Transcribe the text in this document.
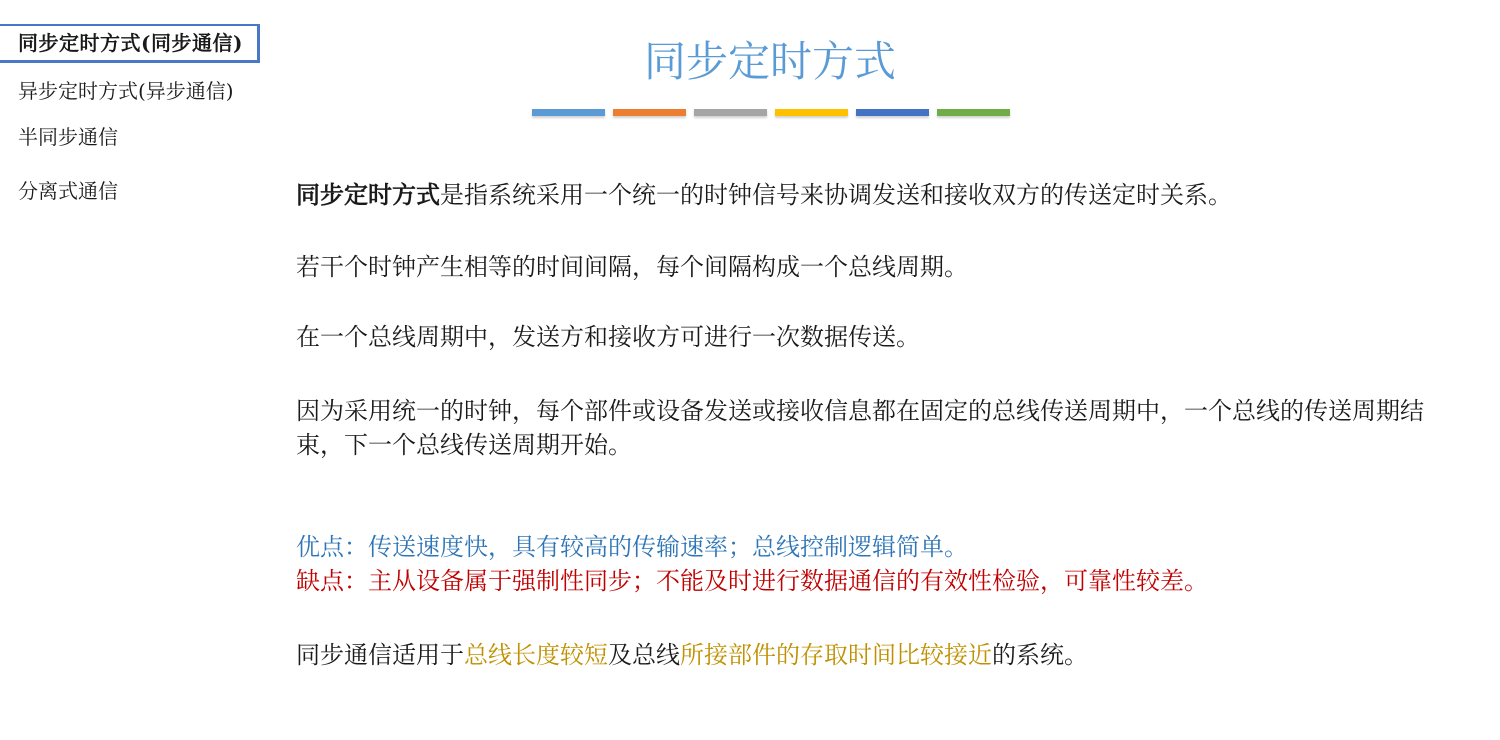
同步定时方式(同步通信)
异步定时方式(异步通信)
半同步通信
分离式通信
同步定时方式
同步定时方式是指系统采用一个统一的时钟信号来协调发送和接收双方的传送定时关系。
若干个时钟产生相等的时间间隔，每个间隔构成一个总线周期。
在一个总线周期中，发送方和接收方可进行一次数据传送。
因为采用统一的时钟，每个部件或设备发送或接收信息都在固定的总线传送周期中，一个总线的传送周期结束，下一个总线传送周期开始。
优点：传送速度快，具有较高的传输速率；总线控制逻辑简单。
缺点：主从设备属于强制性同步；不能及时进行数据通信的有效性检验，可靠性较差。
同步通信适用于总线长度较短及总线所接部件的存取时间比较接近的系统。
